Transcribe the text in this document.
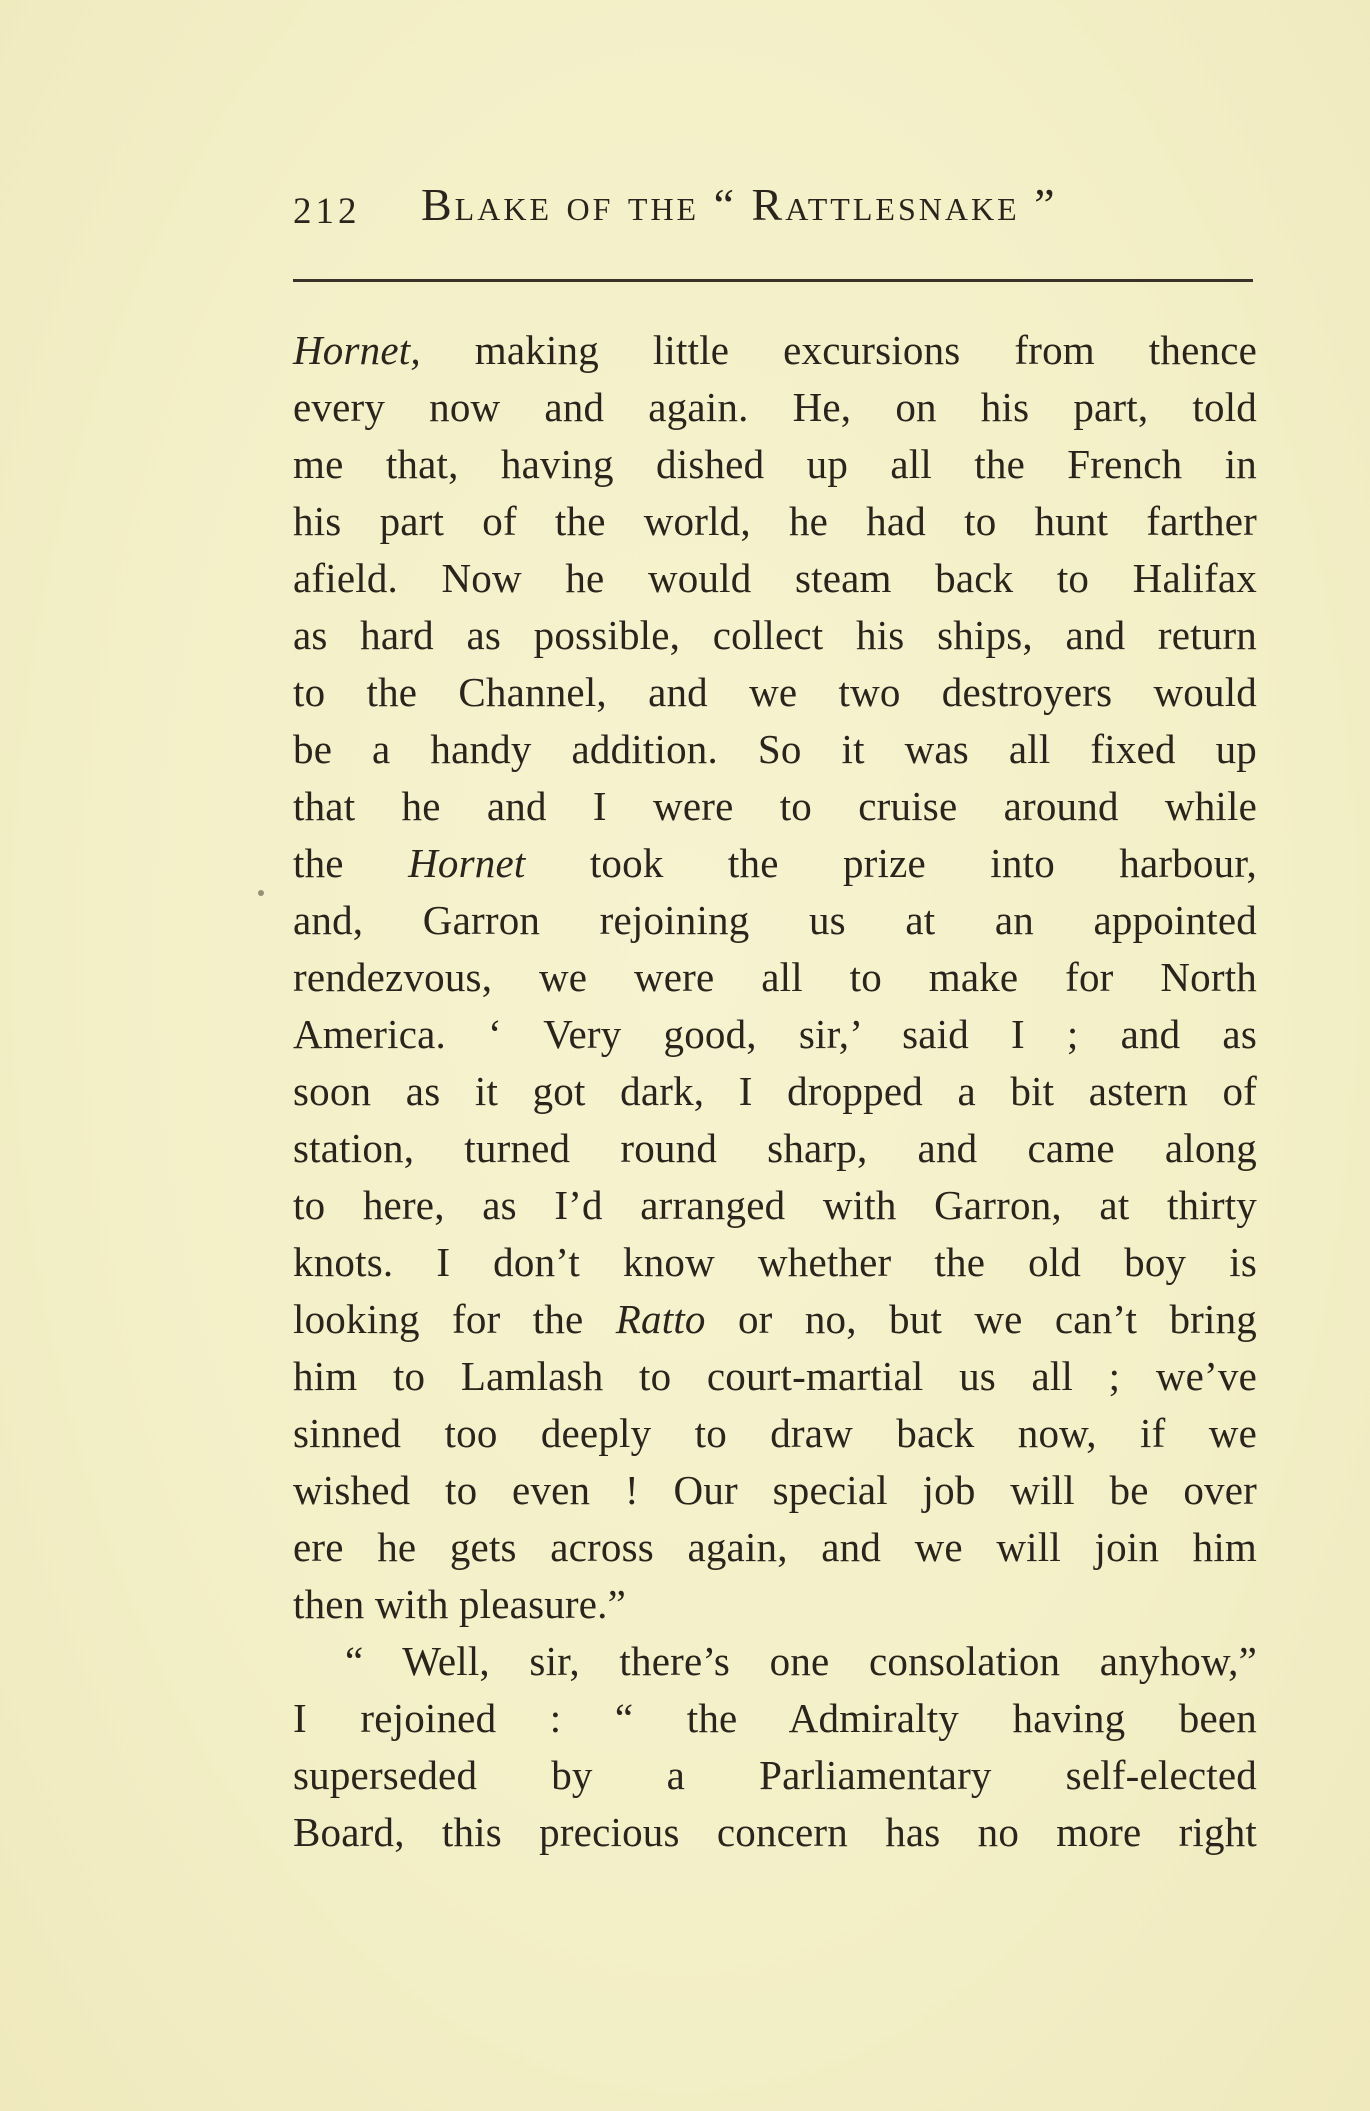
212 Blake of the “ Rattlesnake ”
Hornet, making little excursions from thence
every now and again. He, on his part, told
me that, having dished up all the French in
his part of the world, he had to hunt farther
afield. Now he would steam back to Halifax
as hard as possible, collect his ships, and return
to the Channel, and we two destroyers would
be a handy addition. So it was all fixed up
that he and I were to cruise around while
the Hornet took the prize into harbour,
and, Garron rejoining us at an appointed
rendezvous, we were all to make for North
America. ‘ Very good, sir,’ said I ; and as
soon as it got dark, I dropped a bit astern of
station, turned round sharp, and came along
to here, as I’d arranged with Garron, at thirty
knots. I don’t know whether the old boy is
looking for the Ratto or no, but we can’t bring
him to Lamlash to court-martial us all ; we’ve
sinned too deeply to draw back now, if we
wished to even ! Our special job will be over
ere he gets across again, and we will join him
then with pleasure.”
“ Well, sir, there’s one consolation anyhow,”
I rejoined : “ the Admiralty having been
superseded by a Parliamentary self-elected
Board, this precious concern has no more right
